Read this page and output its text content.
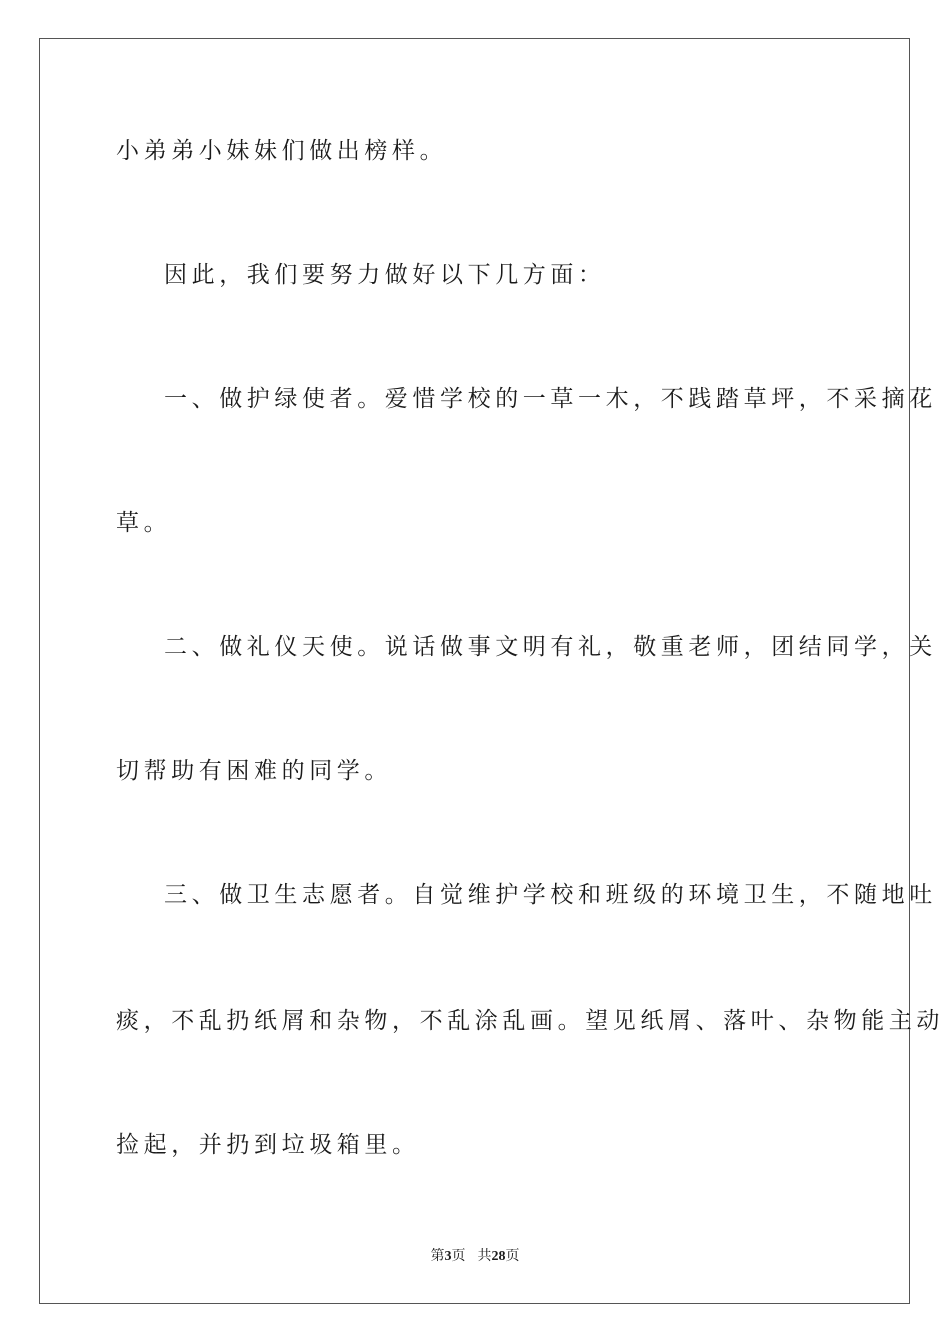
小弟弟小妹妹们做出榜样。
因此，我们要努力做好以下几方面：
一、做护绿使者。爱惜学校的一草一木，不践踏草坪，不采摘花
草。
二、做礼仪天使。说话做事文明有礼，敬重老师，团结同学，关
切帮助有困难的同学。
三、做卫生志愿者。自觉维护学校和班级的环境卫生，不随地吐
痰，不乱扔纸屑和杂物，不乱涂乱画。望见纸屑、落叶、杂物能主动
捡起，并扔到垃圾箱里。
第3页 共28页
